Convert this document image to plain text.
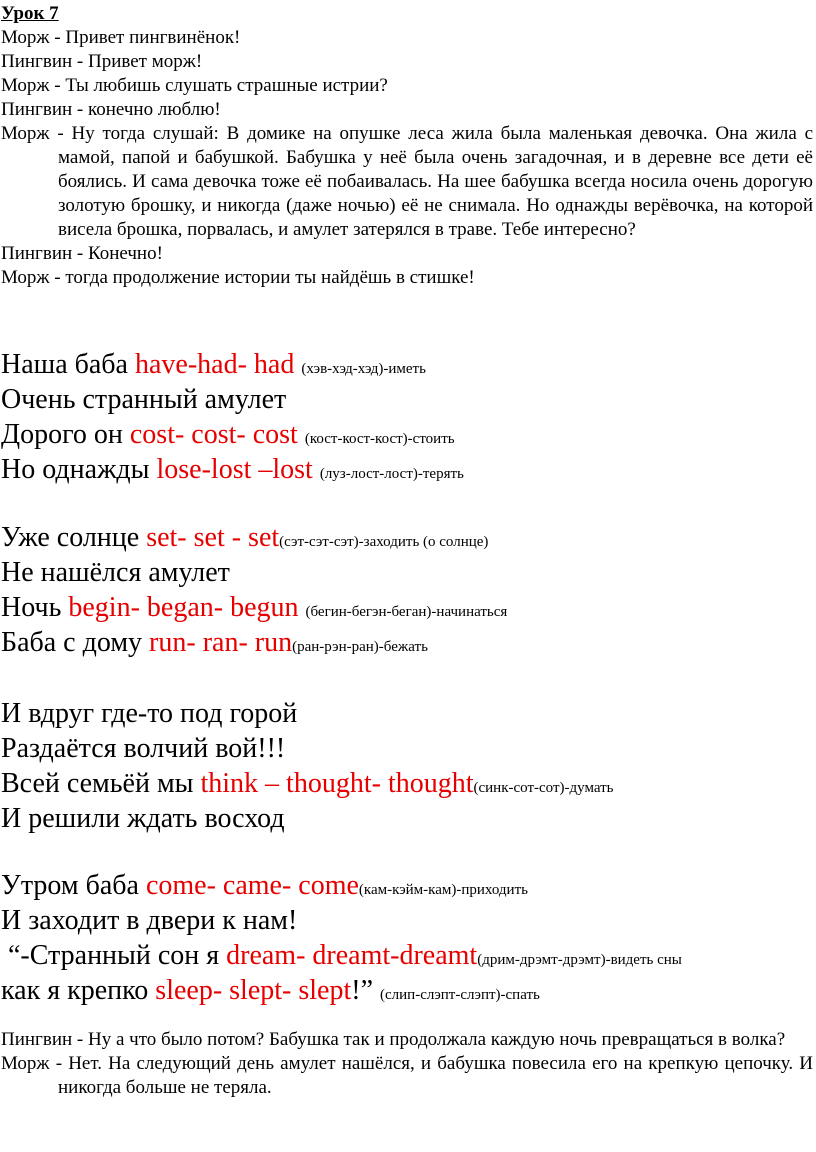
Урок 7
Морж - Привет пингвинёнок!
Пингвин - Привет морж!
Морж - Ты любишь слушать страшные истрии?
Пингвин - конечно люблю!
Морж - Ну тогда слушай: В домике на опушке леса жила была маленькая девочка. Она жила с мамой, папой и бабушкой. Бабушка у неё была очень загадочная, и в деревне все дети её боялись. И сама девочка тоже её побаивалась. На шее бабушка всегда носила очень дорогую золотую брошку, и никогда (даже ночью) её не снимала. Но однажды верёвочка, на которой висела брошка, порвалась, и амулет затерялся в траве. Тебе интересно?
Пингвин - Конечно!
Морж - тогда продолжение истории ты найдёшь в стишке!
Наша баба have-had- had (хэв-хэд-хэд)-иметь
Очень странный амулет
Дорого он cost- cost- cost (кост-кост-кост)-стоить
Но однажды lose-lost –lost (луз-лост-лост)-терять
Уже солнце set- set - set(сэт-сэт-сэт)-заходить (о солнце)
Не нашёлся амулет
Ночь begin- began- begun (бегин-бегэн-беган)-начинаться
Баба с дому run- ran- run(ран-рэн-ран)-бежать
И вдруг где-то под горой
Раздаётся волчий вой!!!
Всей семьёй мы think – thought- thought(синк-сот-сот)-думать
И решили ждать восход
Утром баба come- came- come(кам-кэйм-кам)-приходить
И заходит в двери к нам!
“-Странный сон я dream- dreamt-dreamt(дрим-дрэмт-дрэмт)-видеть сны
как я крепко sleep- slept- slept!” (слип-слэпт-слэпт)-спать
Пингвин - Ну а что было потом? Бабушка так и продолжала каждую ночь превращаться в волка?
Морж - Нет. На следующий день амулет нашёлся, и бабушка повесила его на крепкую цепочку. И никогда больше не теряла.
